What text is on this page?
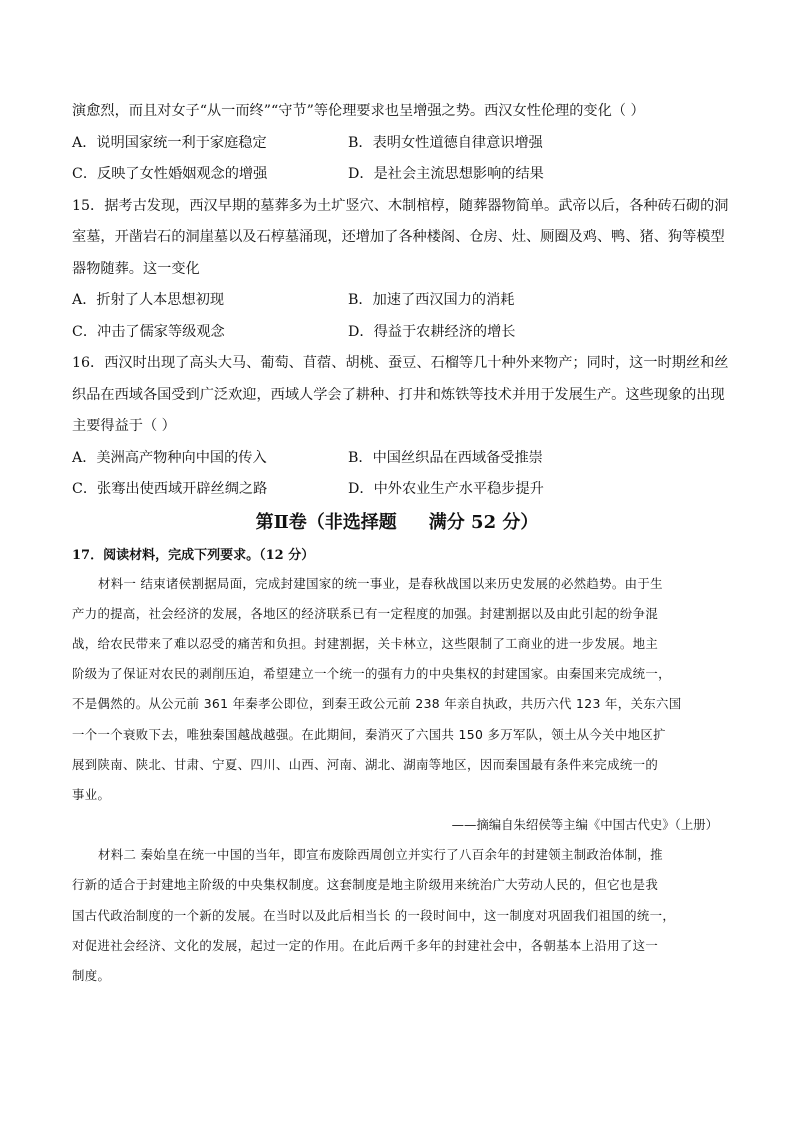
演愈烈，而且对女子“从一而终”“守节”等伦理要求也呈增强之势。西汉女性伦理的变化（ ）
A．说明国家统一利于家庭稳定	B．表明女性道德自律意识增强
C．反映了女性婚姻观念的增强	D．是社会主流思想影响的结果
15．据考古发现，西汉早期的墓葬多为土圹竖穴、木制棺椁，随葬器物简单。武帝以后，各种砖石砌的洞
室墓，开凿岩石的洞崖墓以及石椁墓涌现，还增加了各种楼阁、仓房、灶、厕圈及鸡、鸭、猪、狗等模型
器物随葬。这一变化
A．折射了人本思想初现	B．加速了西汉国力的消耗
C．冲击了儒家等级观念	D．得益于农耕经济的增长
16．西汉时出现了高头大马、葡萄、苜蓿、胡桃、蚕豆、石榴等几十种外来物产；同时，这一时期丝和丝
织品在西域各国受到广泛欢迎，西域人学会了耕种、打井和炼铁等技术并用于发展生产。这些现象的出现
主要得益于（ ）
A．美洲高产物种向中国的传入	B．中国丝织品在西域备受推崇
C．张骞出使西域开辟丝绸之路	D．中外农业生产水平稳步提升
第Ⅱ卷（非选择题 满分 52 分）
17．阅读材料，完成下列要求。（12 分）
材料一 结束诸侯割据局面，完成封建国家的统一事业，是春秋战国以来历史发展的必然趋势。由于生
产力的提高，社会经济的发展，各地区的经济联系已有一定程度的加强。封建割据以及由此引起的纷争混
战，给农民带来了难以忍受的痛苦和负担。封建割据，关卡林立，这些限制了工商业的进一步发展。地主
阶级为了保证对农民的剥削压迫，希望建立一个统一的强有力的中央集权的封建国家。由秦国来完成统一，
不是偶然的。从公元前 361 年秦孝公即位，到秦王政公元前 238 年亲自执政，共历六代 123 年，关东六国
一个一个衰败下去，唯独秦国越战越强。在此期间，秦消灭了六国共 150 多万军队，领土从今关中地区扩
展到陕南、陕北、甘肃、宁夏、四川、山西、河南、湖北、湖南等地区，因而秦国最有条件来完成统一的
事业。
——摘编自朱绍侯等主编《中国古代史》（上册）
材料二 秦始皇在统一中国的当年，即宣布废除西周创立并实行了八百余年的封建领主制政治体制，推
行新的适合于封建地主阶级的中央集权制度。这套制度是地主阶级用来统治广大劳动人民的，但它也是我
国古代政治制度的一个新的发展。在当时以及此后相当长 的一段时间中，这一制度对巩固我们祖国的统一，
对促进社会经济、文化的发展，起过一定的作用。在此后两千多年的封建社会中，各朝基本上沿用了这一
制度。
